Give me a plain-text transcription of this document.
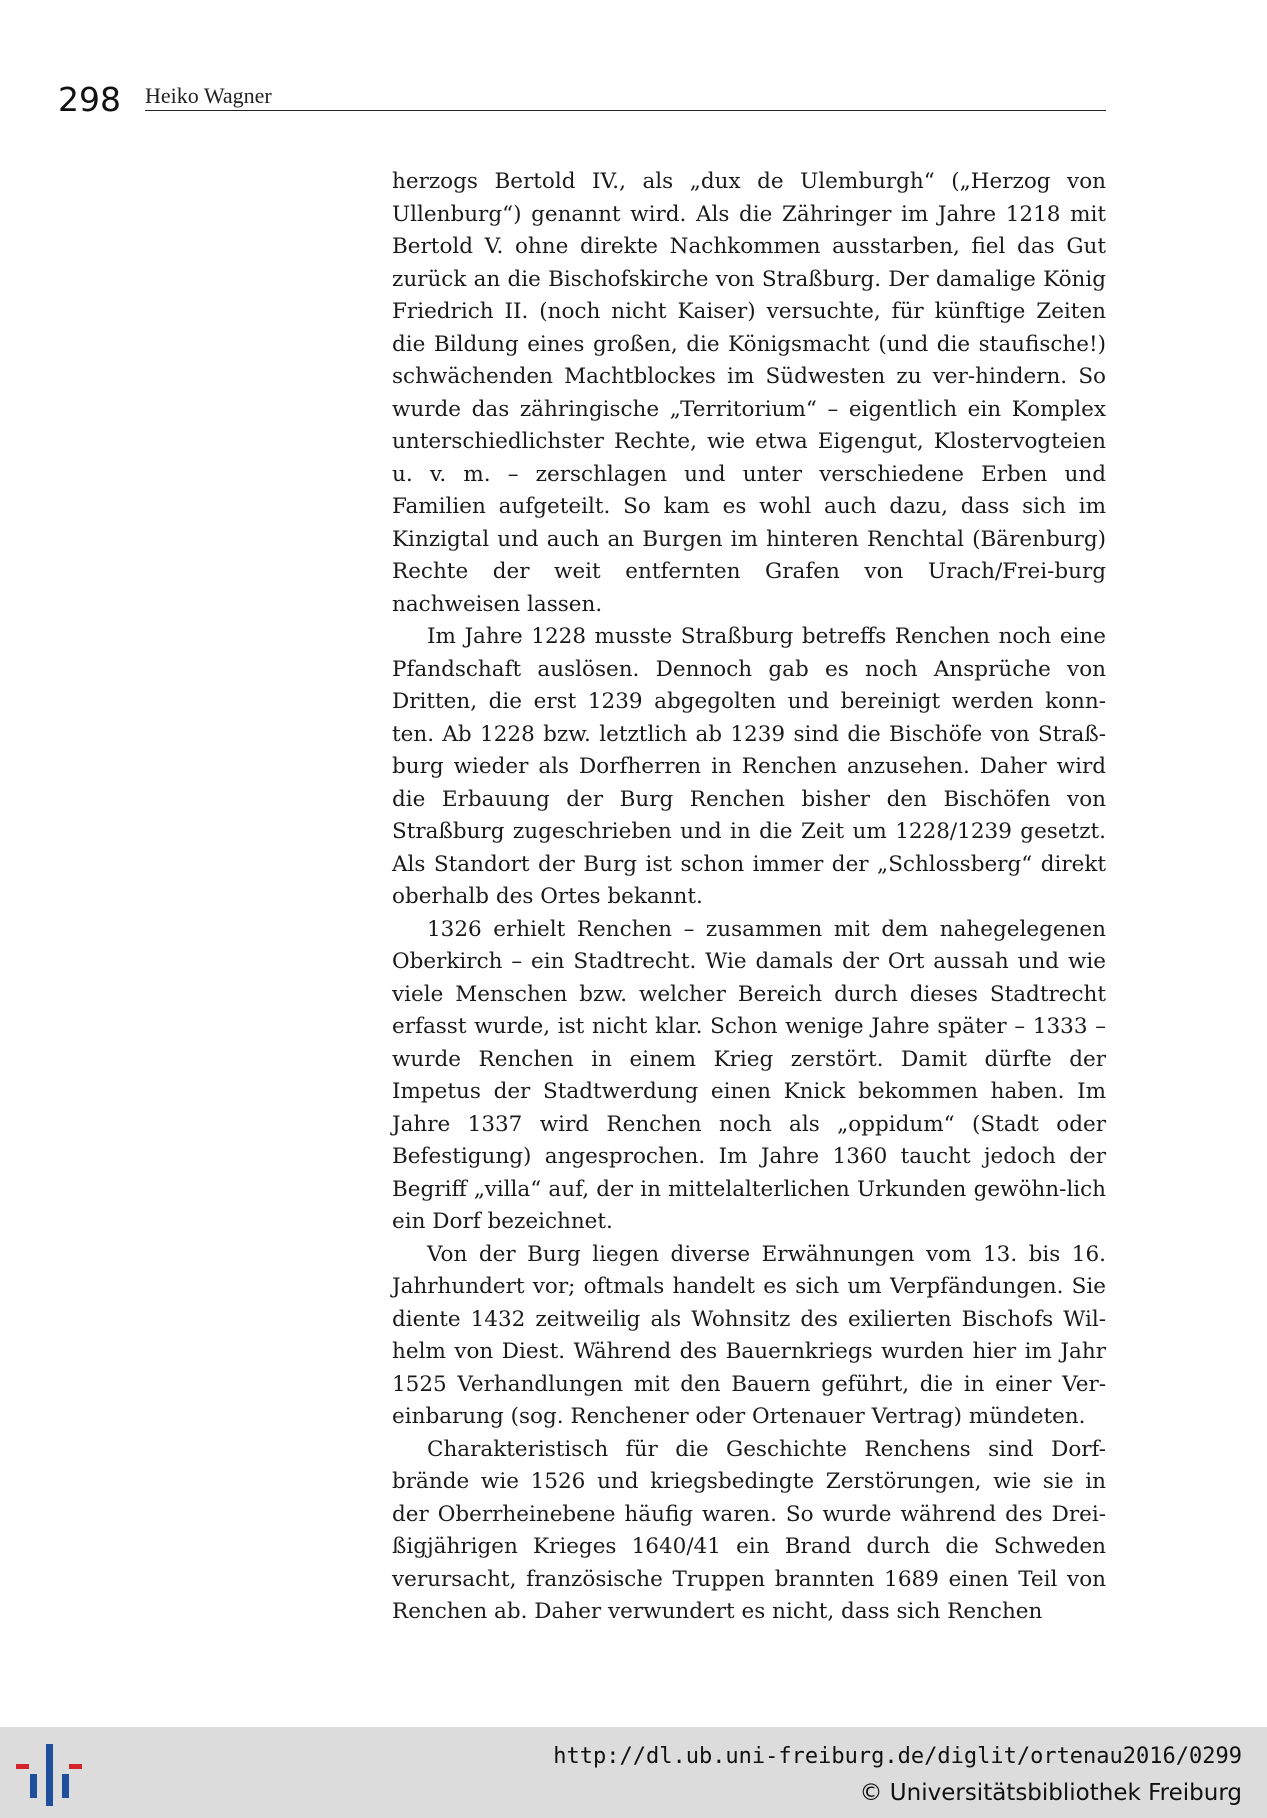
298 Heiko Wagner

herzogs Bertold IV., als „dux de Ulemburgh“ („Herzog von Ullenburg“) genannt wird. Als die Zähringer im Jahre 1218 mit Bertold V. ohne direkte Nachkommen ausstarben, fiel das Gut zurück an die Bischofskirche von Straßburg. Der damalige König Friedrich II. (noch nicht Kaiser) versuchte, für künftige Zeiten die Bildung eines großen, die Königsmacht (und die staufische!) schwächenden Machtblockes im Südwesten zu ver-hindern. So wurde das zähringische „Territorium“ – eigentlich ein Komplex unterschiedlichster Rechte, wie etwa Eigengut, Klostervogteien u. v. m. – zerschlagen und unter verschiedene Erben und Familien aufgeteilt. So kam es wohl auch dazu, dass sich im Kinzigtal und auch an Burgen im hinteren Renchtal (Bärenburg) Rechte der weit entfernten Grafen von Urach/Frei-burg nachweisen lassen.

Im Jahre 1228 musste Straßburg betreffs Renchen noch eine Pfandschaft auslösen. Dennoch gab es noch Ansprüche von Dritten, die erst 1239 abgegolten und bereinigt werden konn-ten. Ab 1228 bzw. letztlich ab 1239 sind die Bischöfe von Straß-burg wieder als Dorfherren in Renchen anzusehen. Daher wird die Erbauung der Burg Renchen bisher den Bischöfen von Straßburg zugeschrieben und in die Zeit um 1228/1239 gesetzt. Als Standort der Burg ist schon immer der „Schlossberg“ direkt oberhalb des Ortes bekannt.

1326 erhielt Renchen – zusammen mit dem nahegelegenen Oberkirch – ein Stadtrecht. Wie damals der Ort aussah und wie viele Menschen bzw. welcher Bereich durch dieses Stadtrecht erfasst wurde, ist nicht klar. Schon wenige Jahre später – 1333 – wurde Renchen in einem Krieg zerstört. Damit dürfte der Impetus der Stadtwerdung einen Knick bekommen haben. Im Jahre 1337 wird Renchen noch als „oppidum“ (Stadt oder Befestigung) angesprochen. Im Jahre 1360 taucht jedoch der Begriff „villa“ auf, der in mittelalterlichen Urkunden gewöhn-lich ein Dorf bezeichnet.

Von der Burg liegen diverse Erwähnungen vom 13. bis 16. Jahrhundert vor; oftmals handelt es sich um Verpfändungen. Sie diente 1432 zeitweilig als Wohnsitz des exilierten Bischofs Wil-helm von Diest. Während des Bauernkriegs wurden hier im Jahr 1525 Verhandlungen mit den Bauern geführt, die in einer Ver-einbarung (sog. Renchener oder Ortenauer Vertrag) mündeten.

Charakteristisch für die Geschichte Renchens sind Dorf-brände wie 1526 und kriegsbedingte Zerstörungen, wie sie in der Oberrheinebene häufig waren. So wurde während des Drei-ßigjährigen Krieges 1640/41 ein Brand durch die Schweden verursacht, französische Truppen brannten 1689 einen Teil von Renchen ab. Daher verwundert es nicht, dass sich Renchen

http://dl.ub.uni-freiburg.de/diglit/ortenau2016/0299
© Universitätsbibliothek Freiburg
